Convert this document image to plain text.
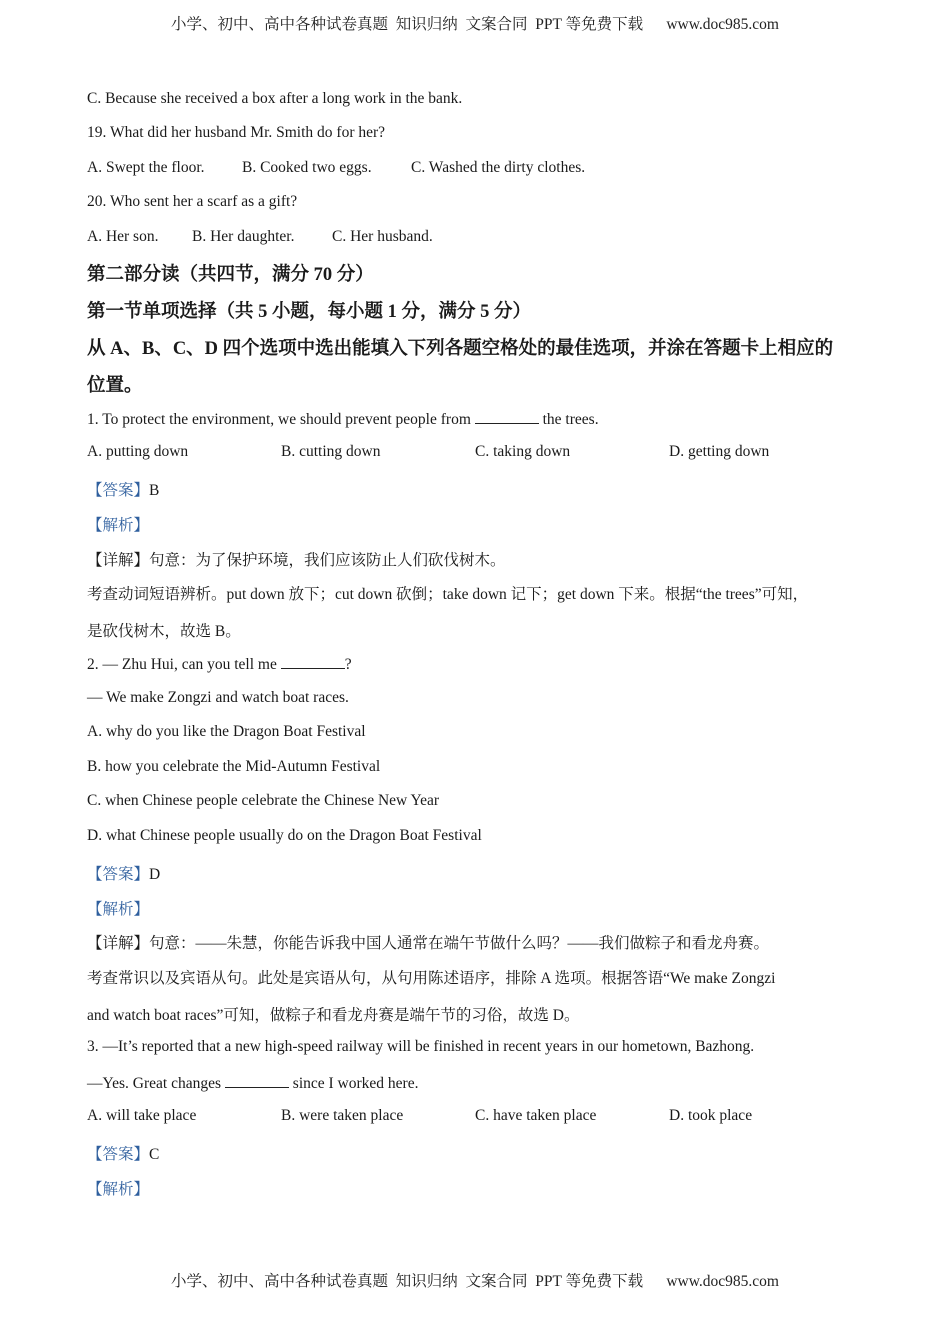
小学、初中、高中各种试卷真题  知识归纳  文案合同  PPT 等免费下载      www.doc985.com
C. Because she received a box after a long work in the bank.
19. What did her husband Mr. Smith do for her?
A. Swept the floor. B. Cooked two eggs.	C. Washed the dirty clothes.
20. Who sent her a scarf as a gift?
A. Her son. B. Her daughter. C. Her husband.
第二部分读（共四节，满分 70 分）
第一节单项选择（共 5 小题，每小题 1 分，满分 5 分）
从 A、B、C、D 四个选项中选出能填入下列各题空格处的最佳选项，并涂在答题卡上相应的
位置。
1. To protect the environment, we should prevent people from	the trees.
A. putting down	B. cutting down	C. taking down	D. getting down
【答案】B
【解析】
【详解】句意：为了保护环境，我们应该防止人们砍伐树木。
考查动词短语辨析。put down 放下；cut down 砍倒；take down 记下；get down 下来。根据“the trees”可知，
是砍伐树木，故选 B。
2. — Zhu Hui, can you tell me	?
— We make Zongzi and watch boat races.
A. why do you like the Dragon Boat Festival
B. how you celebrate the Mid-Autumn Festival
C. when Chinese people celebrate the Chinese New Year
D. what Chinese people usually do on the Dragon Boat Festival
【答案】D
【解析】
【详解】句意：——朱慧，你能告诉我中国人通常在端午节做什么吗？——我们做粽子和看龙舟赛。
考查常识以及宾语从句。此处是宾语从句，从句用陈述语序，排除 A 选项。根据答语“We make Zongzi
and watch boat races”可知，做粽子和看龙舟赛是端午节的习俗，故选 D。
3. —It’s reported that a new high-speed railway will be finished in recent years in our hometown, Bazhong.
—Yes. Great changes	since I worked here.
A. will take place	B. were taken place	C. have taken place	D. took place
【答案】C
【解析】
小学、初中、高中各种试卷真题  知识归纳  文案合同  PPT 等免费下载      www.doc985.com
